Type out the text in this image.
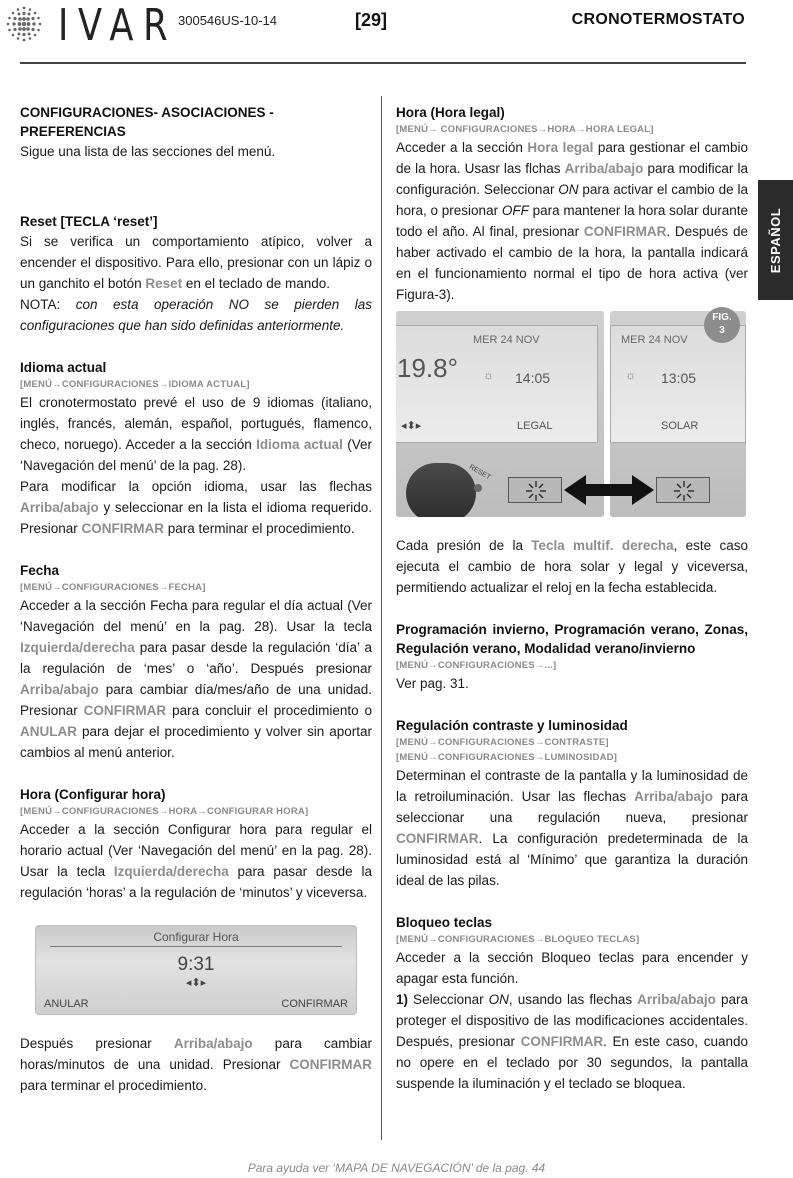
IVAR 300546US-10-14	[29]	CRONOTERMOSTATO
ESPAÑOL
CONFIGURACIONES- ASOCIACIONES - PREFERENCIAS

Sigue una lista de las secciones del menú.

Reset [TECLA ‘reset’]

Si se verifica un comportamiento atípico, volver a encender el dispositivo. Para ello, presionar con un lápiz o un ganchito el botón Reset en el teclado de mando.

NOTA: con esta operación NO se pierden las configuraciones que han sido definidas anteriormente.

Idioma actual
[MENÚ→CONFIGURACIONES→IDIOMA ACTUAL]

El cronotermostato prevé el uso de 9 idiomas (italiano, inglés, francés, alemán, español, portugués, flamenco, checo, noruego). Acceder a la sección Idioma actual (Ver ‘Navegación del menú’ de la pag. 28).

Para modificar la opción idioma, usar las flechas Arriba/abajo y seleccionar en la lista el idioma requerido. Presionar CONFIRMAR para terminar el procedimiento.

Fecha
[MENÚ→CONFIGURACIONES→FECHA]

Acceder a la sección Fecha para regular el día actual (Ver ‘Navegación del menú’ en la pag. 28). Usar la tecla Izquierda/derecha para pasar desde la regulación ‘día’ a la regulación de ‘mes’ o ‘año’. Después presionar Arriba/abajo para cambiar día/mes/año de una unidad. Presionar CONFIRMAR para concluir el procedimiento o ANULAR para dejar el procedimiento y volver sin aportar cambios al menú anterior.

Hora (Configurar hora)
[MENÚ→CONFIGURACIONES→HORA→CONFIGURAR HORA]

Acceder a la sección Configurar hora para regular el horario actual (Ver ‘Navegación del menú’ en la pag. 28). Usar la tecla Izquierda/derecha para pasar desde la regulación ‘horas’ a la regulación de ‘minutos’ y viceversa.

Configurar Hora
9:31
◂⬍▸
ANULAR	CONFIRMAR

Después presionar Arriba/abajo para cambiar horas/minutos de una unidad. Presionar CONFIRMAR para terminar el procedimiento.

Hora (Hora legal)
[MENÚ→ CONFIGURACIONES→HORA→HORA LEGAL]

Acceder a la sección Hora legal para gestionar el cambio de la hora. Usasr las flchas Arriba/abajo para modificar la configuración. Seleccionar ON para activar el cambio de la hora, o presionar OFF para mantener la hora solar durante todo el año. Al final, presionar CONFIRMAR. Después de haber activado el cambio de la hora, la pantalla indicará en el funcionamiento normal el tipo de hora activa (ver Figura-3).

MER 24 NOV
19.8° ☼ 14:05
◂⬍▸	LEGAL
RESET
MER 24 NOV
☼ 13:05
SOLAR
FIG.
3

Cada presión de la Tecla multif. derecha, este caso ejecuta el cambio de hora solar y legal y viceversa, permitiendo actualizar el reloj en la fecha establecida.

Programación invierno, Programación verano, Zonas, Regulación verano, Modalidad verano/invierno
[MENÚ→CONFIGURACIONES→...]

Ver pag. 31.

Regulación contraste y luminosidad
[MENÚ→CONFIGURACIONES→CONTRASTE]
[MENÚ→CONFIGURACIONES→LUMINOSIDAD]

Determinan el contraste de la pantalla y la luminosidad de la retroiluminación. Usar las flechas Arriba/abajo para seleccionar una regulación nueva, presionar CONFIRMAR. La configuración predeterminada de la luminosidad está al ‘Mínimo’ que garantiza la duración ideal de las pilas.

Bloqueo teclas
[MENÚ→CONFIGURACIONES→BLOQUEO TECLAS]

Acceder a la sección Bloqueo teclas para encender y apagar esta función.

1) Seleccionar ON, usando las flechas Arriba/abajo para proteger el dispositivo de las modificaciones accidentales. Después, presionar CONFIRMAR. En este caso, cuando no opere en el teclado por 30 segundos, la pantalla suspende la iluminación y el teclado se bloquea.

Para ayuda ver ‘MAPA DE NAVEGACIÓN’ de la pag. 44
